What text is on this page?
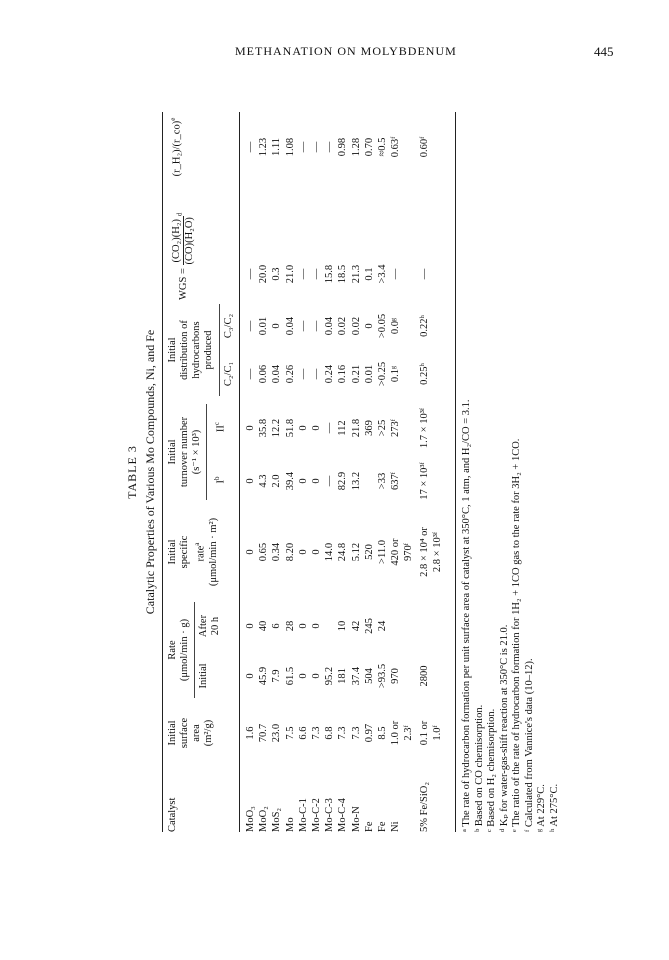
METHANATION ON MOLYBDENUM	445
TABLE 3 Catalytic Properties of Various Mo Compounds, Ni, and Fe
Catalyst
Initial surface area (m²/g)
Rate (μmol/min · g) Initial
After 20 h
Initial specific rate$^a$ (μmol/min · m²)
Initial turnover number (s⁻¹ × 10³)
$I^b$
$II^c$
Initial distribution of hydrocarbons produced
C₂/C₁
C₃/C₂
WGS =
(CO₂)(H₂) (CO)(H₂O)
$^d$
(r_H₂)/(r_co)$^e$
MoO₃
1.6
0
0
0
0
0
—
—
—
—
MoO₂
70.7
45.9
40
0.65
4.3
35.8
0.06
0.01
20.0
1.23
MoS₂
23.0
7.9
6
0.34
2.0
12.2
0.04
0
0.3
1.11
Mo
7.5
61.5
28
8.20
39.4
51.8
0.26
0.04
21.0
1.08
Mo-C-1
6.6
0
0
0
0
0
—
—
—
—
Mo-C-2
7.3
0
0
0
0
0
—
—
—
—
Mo-C-3
6.8
95.2
14.0
—
—
0.24
0.04
15.8
—
Mo-C-4
7.3
181
10
24.8
82.9
112
0.16
0.02
18.5
0.98
Mo-N
7.3
37.4
42
5.12
13.2
21.8
0.21
0.02
21.3
1.28
Fe
0.97
504
245
520
369
0.01
0
0.1
0.70
Fe
8.5
>93.5
24
>11.0
>33
>25
>0.25
>0.05
>3.4
≈0.5
Ni
1.0 or 2.3ᶠ
970
420 or 970ᶠ
637ᶠ
273ᶠ
0.1ᵍ
0.0ᵍ
—
0.63ᶠ
5% Fe/SiO₂
0.1 or 1.0ᶠ
2800
2.8 × 10⁴ or 2.8 × 10³ᶠ
17 × 10³ᶠ
1.7 × 10³ᶠ
0.25ʰ
0.22ʰ
—
0.60ᶠ
ᵃ The rate of hydrocarbon formation per unit surface area of catalyst at 350°C, 1 atm, and H₂/CO = 3.1. ᵇ Based on CO chemisorption. ᶜ Based on H₂ chemisorption. ᵈ Kₚ for water-gas-shift reaction at 350°C is 21.0. ᵉ The ratio of the rate of hydrocarbon formation for 1H₂ + 1CO gas to the rate for 3H₂ + 1CO. ᶠ Calculated from Vannice's data (10–12). ᵍ At 229°C. ʰ At 275°C.
